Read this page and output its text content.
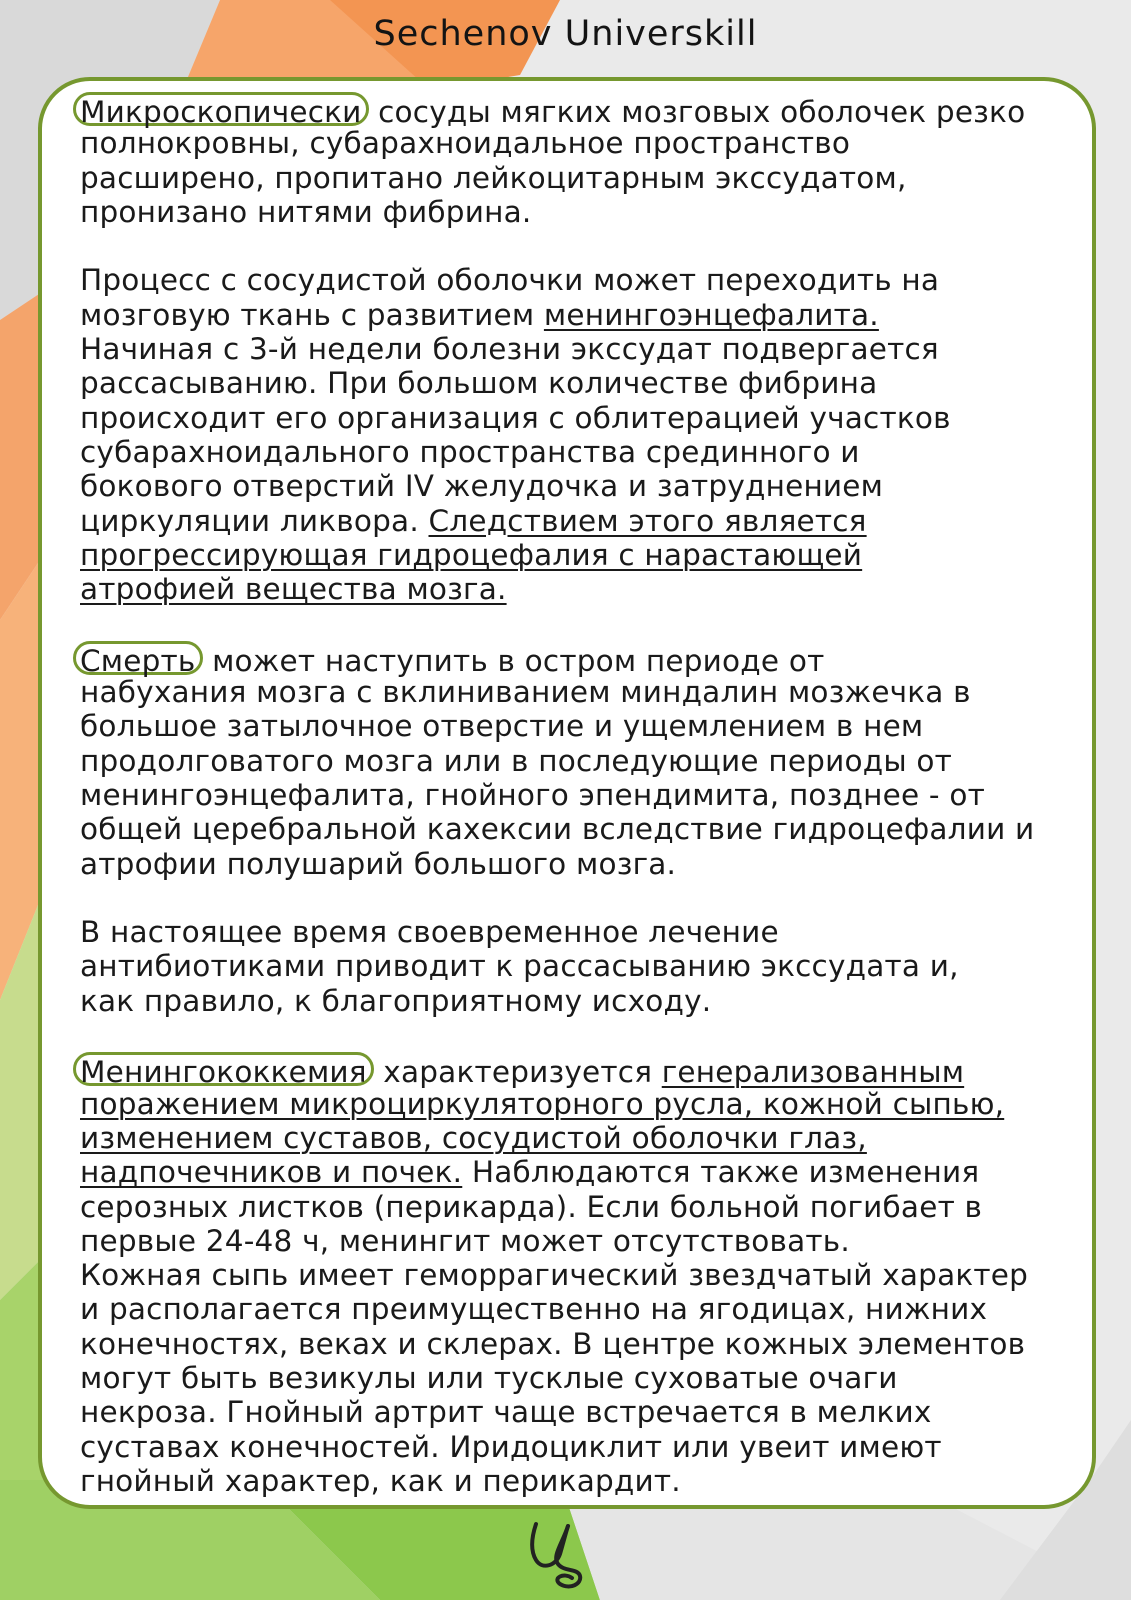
Sechenov Universkill
Микроскопически сосуды мягких мозговых оболочек резко
полнокровны, субарахноидальное пространство
расширено, пропитано лейкоцитарным экссудатом,
пронизано нитями фибрина.
Процесс с сосудистой оболочки может переходить на
мозговую ткань с развитием менингоэнцефалита.
Начиная с 3-й недели болезни экссудат подвергается
рассасыванию. При большом количестве фибрина
происходит его организация с облитерацией участков
субарахноидального пространства срединного и
бокового отверстий IV желудочка и затруднением
циркуляции ликвора. Следствием этого является
прогрессирующая гидроцефалия с нарастающей
атрофией вещества мозга.
Смерть может наступить в остром периоде от
набухания мозга с вклиниванием миндалин мозжечка в
большое затылочное отверстие и ущемлением в нем
продолговатого мозга или в последующие периоды от
менингоэнцефалита, гнойного эпендимита, позднее - от
общей церебральной кахексии вследствие гидроцефалии и
атрофии полушарий большого мозга.
В настоящее время своевременное лечение
антибиотиками приводит к рассасыванию экссудата и,
как правило, к благоприятному исходу.
Менингококкемия характеризуется генерализованным
поражением микроциркуляторного русла, кожной сыпью,
изменением суставов, сосудистой оболочки глаз,
надпочечников и почек. Наблюдаются также изменения
серозных листков (перикарда). Если больной погибает в
первые 24-48 ч, менингит может отсутствовать.
Кожная сыпь имеет геморрагический звездчатый характер
и располагается преимущественно на ягодицах, нижних
конечностях, веках и склерах. В центре кожных элементов
могут быть везикулы или тусклые суховатые очаги
некроза. Гнойный артрит чаще встречается в мелких
суставах конечностей. Иридоциклит или увеит имеют
гнойный характер, как и перикардит.
